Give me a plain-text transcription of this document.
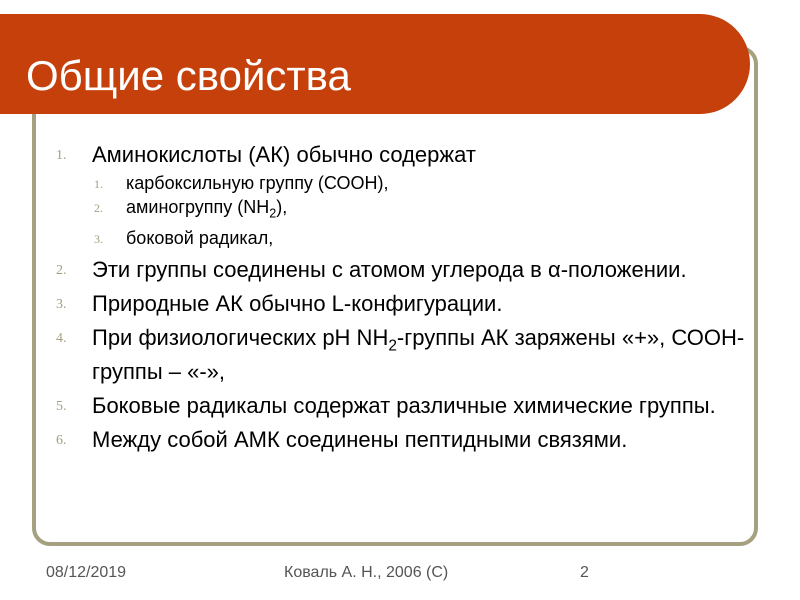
Общие свойства
1. Аминокислоты (АК) обычно содержат
1. карбоксильную группу (СООН),
2. аминогруппу $(NH_2)$,
3. боковой радикал,
2. Эти группы соединены с атомом углерода в α-положении.
3. Природные АК обычно L-конфигурации.
4. При физиологических рН $NH_2$-группы АК заряжены «+», СООН-группы – «-»,
5. Боковые радикалы содержат различные химические группы.
6. Между собой АМК соединены пептидными связями.
08/12/2019	Коваль А. Н., 2006 (С)	2
